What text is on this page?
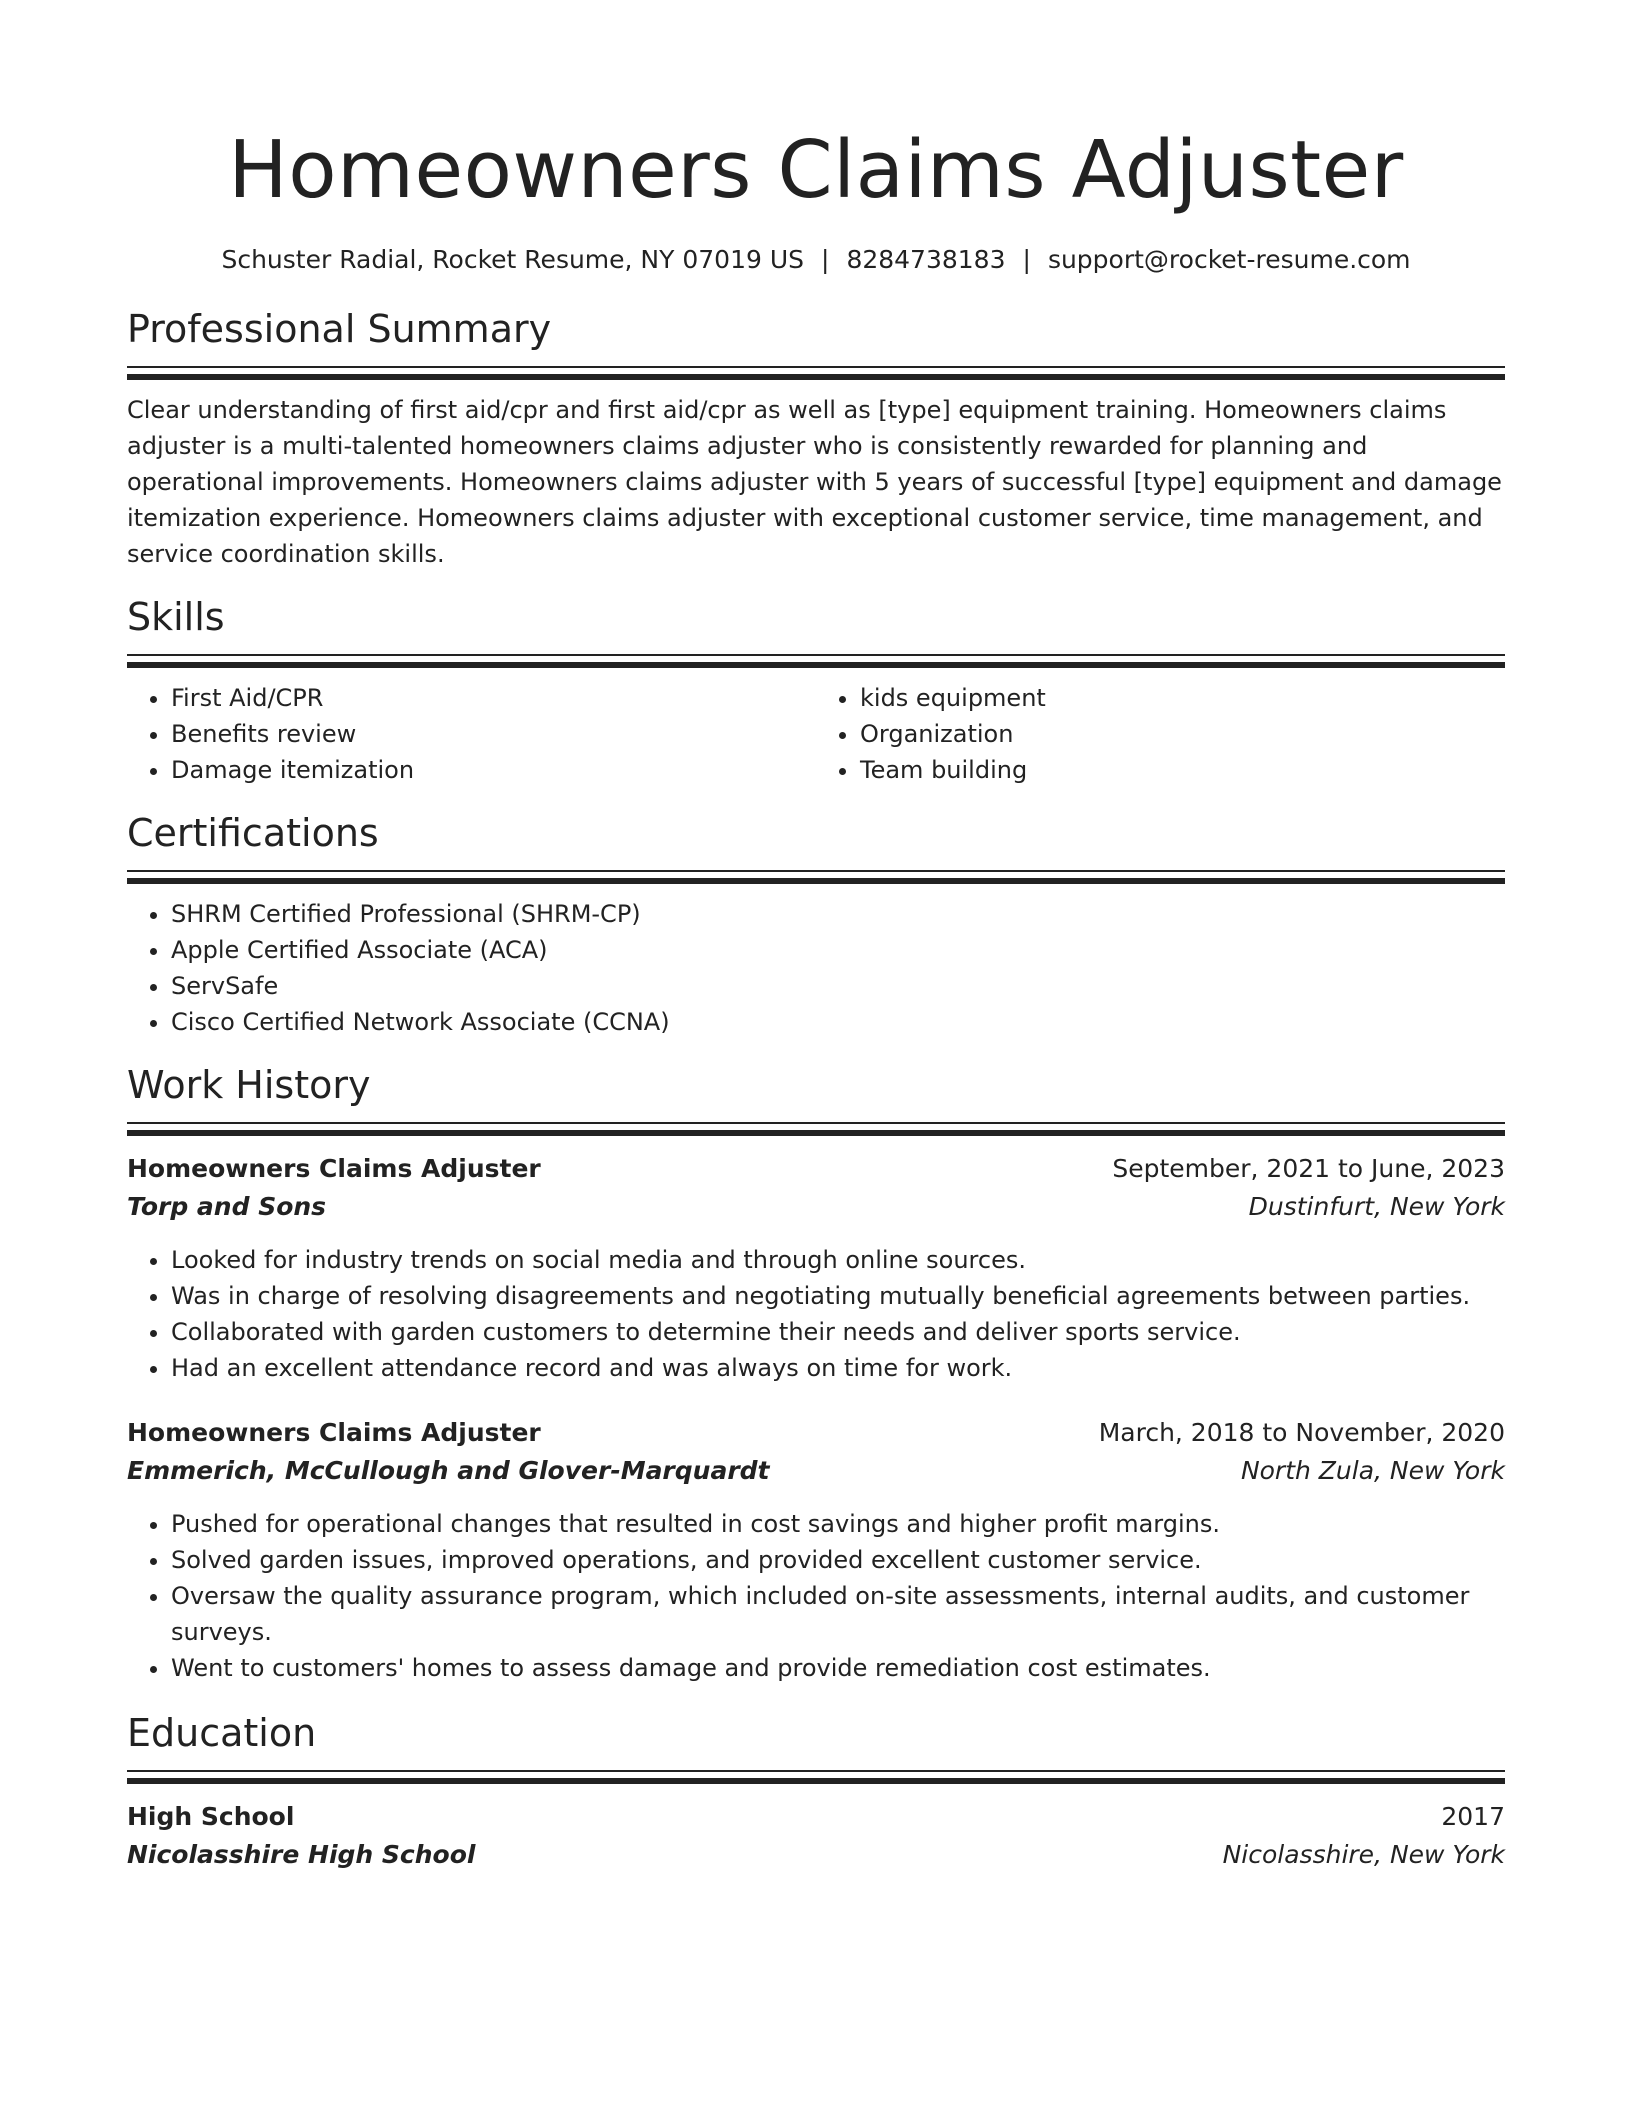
Homeowners Claims Adjuster
Schuster Radial, Rocket Resume, NY 07019 US | 8284738183 | support@rocket-resume.com
Professional Summary

Clear understanding of first aid/cpr and first aid/cpr as well as [type] equipment training. Homeowners claims adjuster is a multi-talented homeowners claims adjuster who is consistently rewarded for planning and operational improvements. Homeowners claims adjuster with 5 years of successful [type] equipment and damage itemization experience. Homeowners claims adjuster with exceptional customer service, time management, and service coordination skills.

Skills
• First Aid/CPR
• Benefits review
• Damage itemization
• kids equipment
• Organization
• Team building
Certifications
• SHRM Certified Professional (SHRM-CP)
• Apple Certified Associate (ACA)
• ServSafe
• Cisco Certified Network Associate (CCNA)
Work History
Homeowners Claims Adjuster	September, 2021 to June, 2023
Torp and Sons	Dustinfurt, New York
• Looked for industry trends on social media and through online sources.
• Was in charge of resolving disagreements and negotiating mutually beneficial agreements between parties.
• Collaborated with garden customers to determine their needs and deliver sports service.
• Had an excellent attendance record and was always on time for work.
Homeowners Claims Adjuster	March, 2018 to November, 2020
Emmerich, McCullough and Glover-Marquardt	North Zula, New York
• Pushed for operational changes that resulted in cost savings and higher profit margins.
• Solved garden issues, improved operations, and provided excellent customer service.
• Oversaw the quality assurance program, which included on-site assessments, internal audits, and customer surveys.
• Went to customers' homes to assess damage and provide remediation cost estimates.
Education
High School	2017
Nicolasshire High School	Nicolasshire, New York
